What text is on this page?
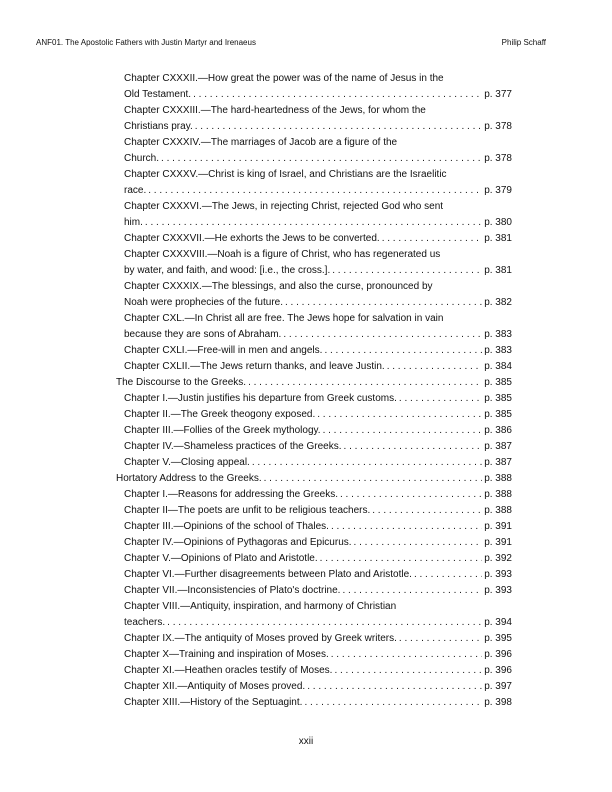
ANF01. The Apostolic Fathers with Justin Martyr and Irenaeus	Philip Schaff
Chapter CXXXII.—How great the power was of the name of Jesus in the
Old Testament. . . .	p. 377
Chapter CXXXIII.—The hard-heartedness of the Jews, for whom the
Christians pray. . . .	p. 378
Chapter CXXXIV.—The marriages of Jacob are a figure of the
Church. . . .	p. 378
Chapter CXXXV.—Christ is king of Israel, and Christians are the Israelitic
race. . . .	p. 379
Chapter CXXXVI.—The Jews, in rejecting Christ, rejected God who sent
him. . . .	p. 380
Chapter CXXXVII.—He exhorts the Jews to be converted. . . .	p. 381
Chapter CXXXVIII.—Noah is a figure of Christ, who has regenerated us
by water, and faith, and wood: [i.e., the cross.]. . . .	p. 381
Chapter CXXXIX.—The blessings, and also the curse, pronounced by
Noah were prophecies of the future. . . .	p. 382
Chapter CXL.—In Christ all are free. The Jews hope for salvation in vain
because they are sons of Abraham. . . .	p. 383
Chapter CXLI.—Free-will in men and angels. . . .	p. 383
Chapter CXLII.—The Jews return thanks, and leave Justin. . . .	p. 384
The Discourse to the Greeks. . . .	p. 385
Chapter I.—Justin justifies his departure from Greek customs. . . .	p. 385
Chapter II.—The Greek theogony exposed. . . .	p. 385
Chapter III.—Follies of the Greek mythology. . . .	p. 386
Chapter IV.—Shameless practices of the Greeks. . . .	p. 387
Chapter V.—Closing appeal. . . .	p. 387
Hortatory Address to the Greeks. . . .	p. 388
Chapter I.—Reasons for addressing the Greeks. . . .	p. 388
Chapter II—The poets are unfit to be religious teachers. . . .	p. 388
Chapter III.—Opinions of the school of Thales. . . .	p. 391
Chapter IV.—Opinions of Pythagoras and Epicurus. . . .	p. 391
Chapter V.—Opinions of Plato and Aristotle. . . .	p. 392
Chapter VI.—Further disagreements between Plato and Aristotle. . . .	p. 393
Chapter VII.—Inconsistencies of Plato's doctrine. . . .	p. 393
Chapter VIII.—Antiquity, inspiration, and harmony of Christian
teachers. . . .	p. 394
Chapter IX.—The antiquity of Moses proved by Greek writers. . . .	p. 395
Chapter X—Training and inspiration of Moses. . . .	p. 396
Chapter XI.—Heathen oracles testify of Moses. . . .	p. 396
Chapter XII.—Antiquity of Moses proved. . . .	p. 397
Chapter XIII.—History of the Septuagint. . . .	p. 398
xxii
